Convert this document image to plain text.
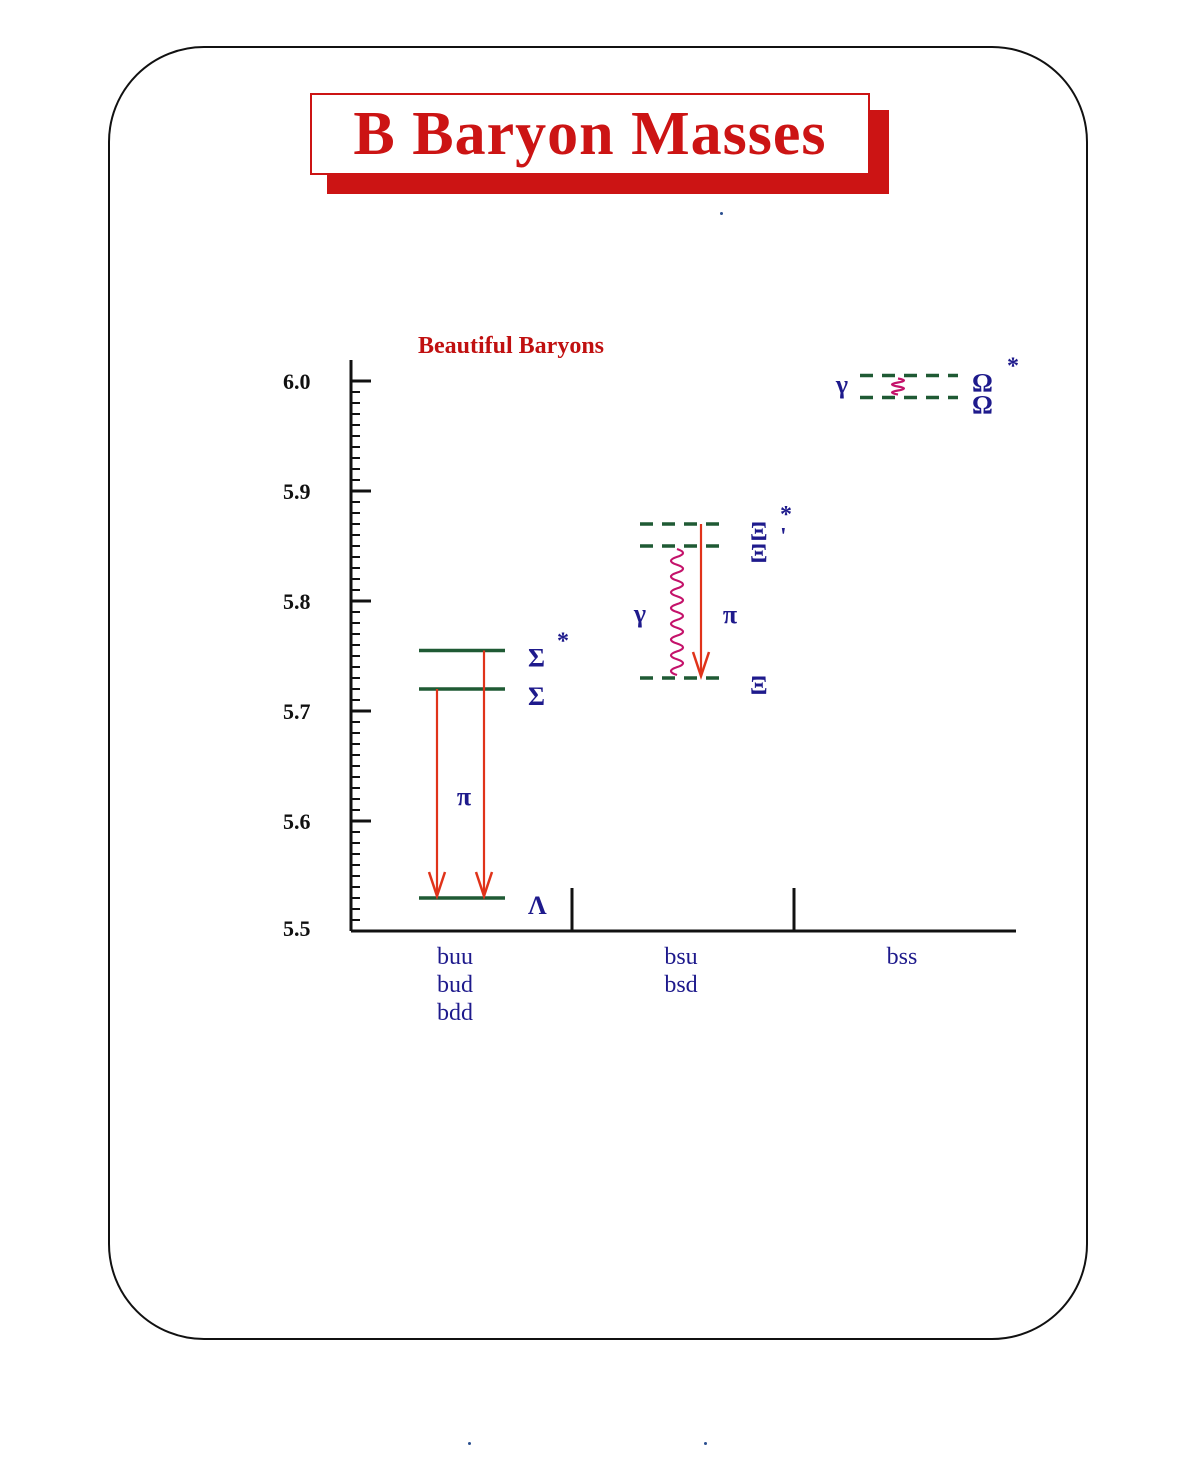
B Baryon Masses
Beautiful Baryons
6.0
5.9
5.8
5.7
5.6
5.5
buu
bud
bdd
bsu
bsd
bss
Σ
*
Σ
Λ
Ξ
*
Ξ
'
Ξ
Ω
*
Ω
π
π
γ
γ
